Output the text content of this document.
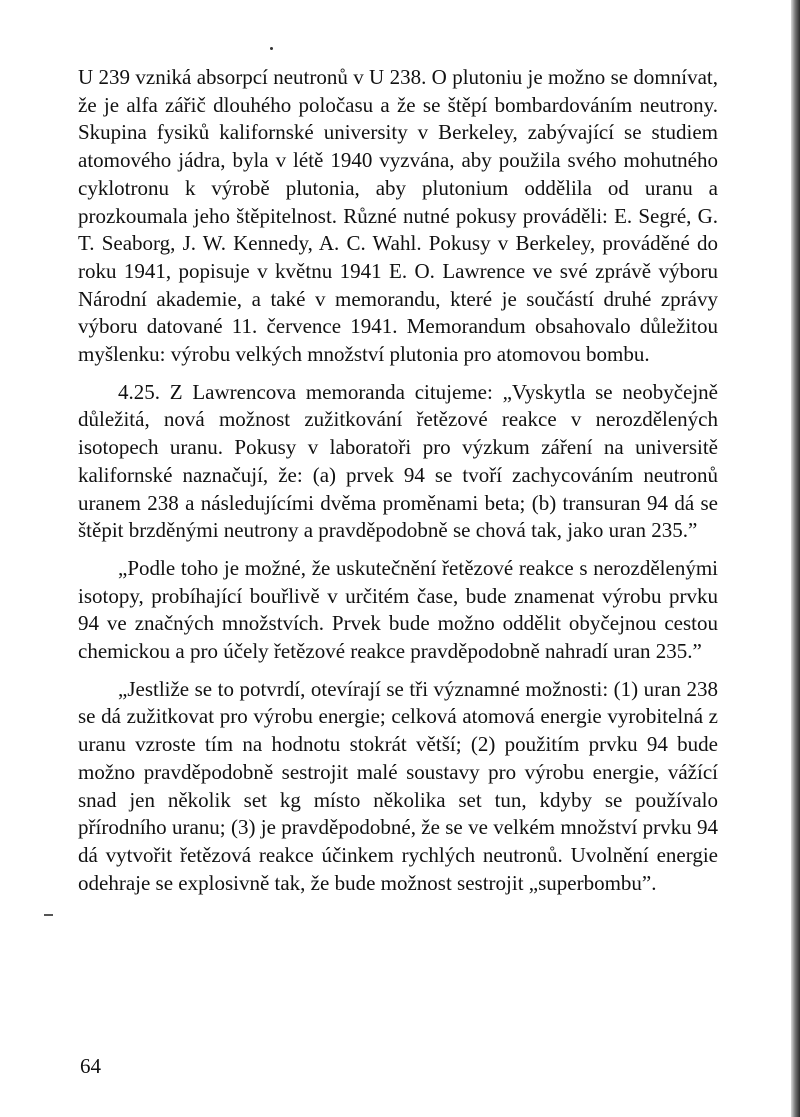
U 239 vzniká absorpcí neutronů v U 238. O plutoniu je možno se domnívat, že je alfa zářič dlouhého poločasu a že se štěpí bombardováním neutrony. Skupina fysiků kalifornské university v Berkeley, zabývající se studiem atomového jádra, byla v létě 1940 vyzvána, aby použila svého mohutného cyklotronu k výrobě plutonia, aby plutonium oddělila od uranu a prozkoumala jeho štěpitelnost. Různé nutné pokusy prováděli: E. Segré, G. T. Seaborg, J. W. Kennedy, A. C. Wahl. Pokusy v Berkeley, prováděné do roku 1941, popisuje v květnu 1941 E. O. Lawrence ve své zprávě výboru Národní akademie, a také v memorandu, které je součástí druhé zprávy výboru datované 11. července 1941. Memorandum obsahovalo důležitou myšlenku: výrobu velkých množství plutonia pro atomovou bombu.

4.25. Z Lawrencova memoranda citujeme: „Vyskytla se neobyčejně důležitá, nová možnost zužitkování řetězové reakce v nerozdělených isotopech uranu. Pokusy v laboratoři pro výzkum záření na universitě kalifornské naznačují, že: (a) prvek 94 se tvoří zachycováním neutronů uranem 238 a následujícími dvěma proměnami beta; (b) transuran 94 dá se štěpit brzděnými neutrony a pravděpodobně se chová tak, jako uran 235.”

„Podle toho je možné, že uskutečnění řetězové reakce s nerozdělenými isotopy, probíhající bouřlivě v určitém čase, bude znamenat výrobu prvku 94 ve značných množstvích. Prvek bude možno oddělit obyčejnou cestou chemickou a pro účely řetězové reakce pravděpodobně nahradí uran 235.”

„Jestliže se to potvrdí, otevírají se tři významné možnosti: (1) uran 238 se dá zužitkovat pro výrobu energie; celková atomová energie vyrobitelná z uranu vzroste tím na hodnotu stokrát větší; (2) použitím prvku 94 bude možno pravděpodobně sestrojit malé soustavy pro výrobu energie, vážící snad jen několik set kg místo několika set tun, kdyby se používalo přírodního uranu; (3) je pravděpodobné, že se ve velkém množství prvku 94 dá vytvořit řetězová reakce účinkem rychlých neutronů. Uvolnění energie odehraje se explosivně tak, že bude možnost sestrojit „superbombu”.

64
